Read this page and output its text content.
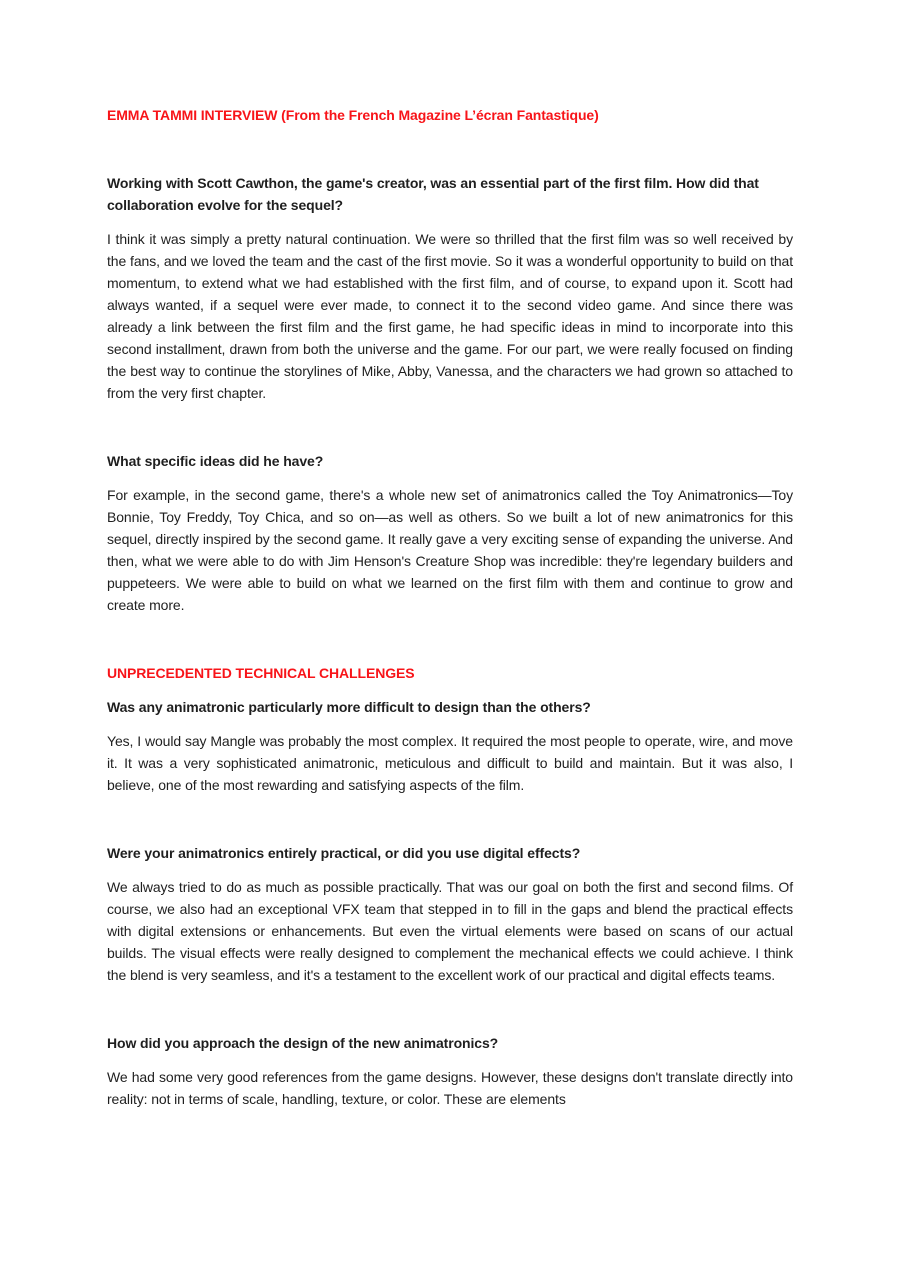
EMMA TAMMI INTERVIEW (From the French Magazine L’écran Fantastique)

Working with Scott Cawthon, the game's creator, was an essential part of the first film. How did that collaboration evolve for the sequel?

I think it was simply a pretty natural continuation. We were so thrilled that the first film was so well received by the fans, and we loved the team and the cast of the first movie. So it was a wonderful opportunity to build on that momentum, to extend what we had established with the first film, and of course, to expand upon it. Scott had always wanted, if a sequel were ever made, to connect it to the second video game. And since there was already a link between the first film and the first game, he had specific ideas in mind to incorporate into this second installment, drawn from both the universe and the game. For our part, we were really focused on finding the best way to continue the storylines of Mike, Abby, Vanessa, and the characters we had grown so attached to from the very first chapter.

What specific ideas did he have?

For example, in the second game, there's a whole new set of animatronics called the Toy Animatronics—Toy Bonnie, Toy Freddy, Toy Chica, and so on—as well as others. So we built a lot of new animatronics for this sequel, directly inspired by the second game. It really gave a very exciting sense of expanding the universe. And then, what we were able to do with Jim Henson's Creature Shop was incredible: they're legendary builders and puppeteers. We were able to build on what we learned on the first film with them and continue to grow and create more.

UNPRECEDENTED TECHNICAL CHALLENGES

Was any animatronic particularly more difficult to design than the others?

Yes, I would say Mangle was probably the most complex. It required the most people to operate, wire, and move it. It was a very sophisticated animatronic, meticulous and difficult to build and maintain. But it was also, I believe, one of the most rewarding and satisfying aspects of the film.

Were your animatronics entirely practical, or did you use digital effects?

We always tried to do as much as possible practically. That was our goal on both the first and second films. Of course, we also had an exceptional VFX team that stepped in to fill in the gaps and blend the practical effects with digital extensions or enhancements. But even the virtual elements were based on scans of our actual builds. The visual effects were really designed to complement the mechanical effects we could achieve. I think the blend is very seamless, and it's a testament to the excellent work of our practical and digital effects teams.

How did you approach the design of the new animatronics?

We had some very good references from the game designs. However, these designs don't translate directly into reality: not in terms of scale, handling, texture, or color. These are elements
